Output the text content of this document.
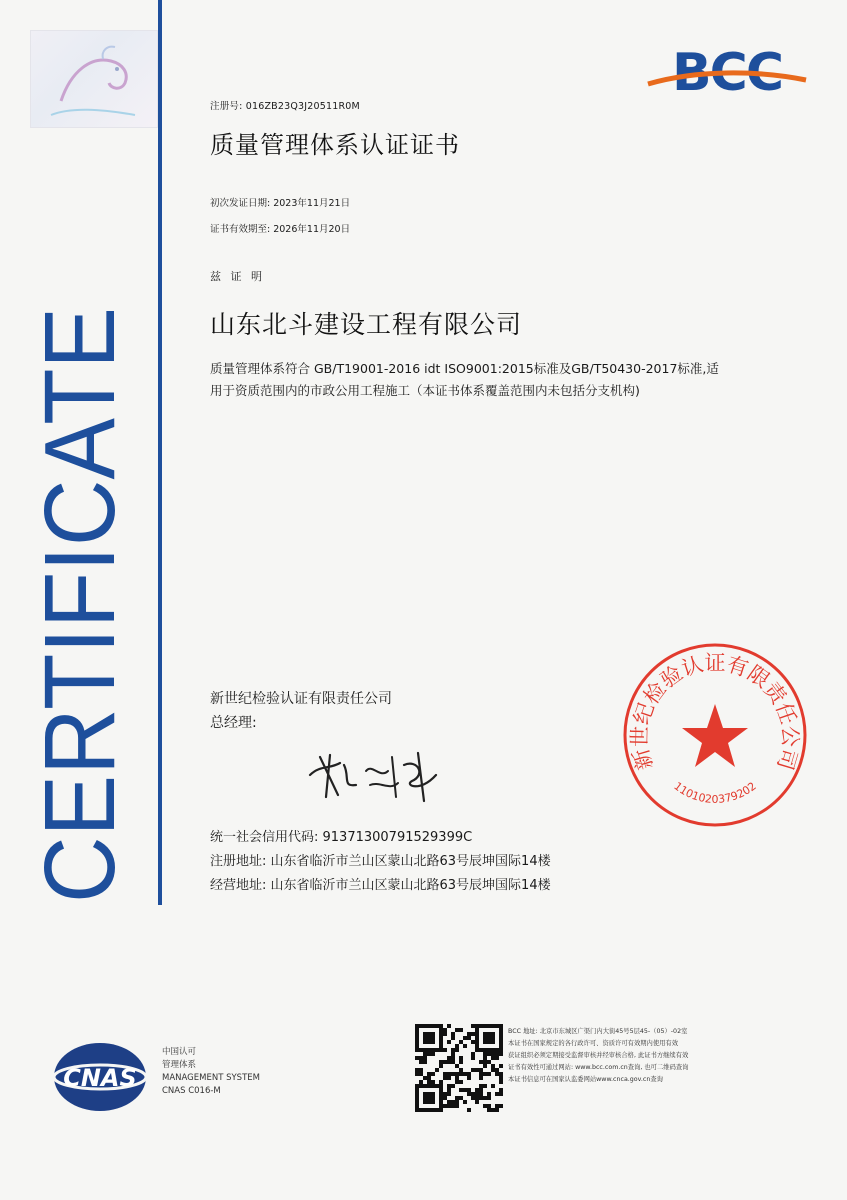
BCC
CERTIFICATE
注册号: 016ZB23Q3J20511R0M
质量管理体系认证证书
初次发证日期: 2023年11月21日
证书有效期至: 2026年11月20日
兹 证 明
山东北斗建设工程有限公司
质量管理体系符合 GB/T19001-2016 idt ISO9001:2015标准及GB/T50430-2017标准,适用于资质范围内的市政公用工程施工（本证书体系覆盖范围内未包括分支机构)
新世纪检验认证有限责任公司
总经理:
新世纪检验认证有限责任公司
1101020379202
统一社会信用代码: 91371300791529399C
注册地址: 山东省临沂市兰山区蒙山北路63号辰坤国际14楼
经营地址: 山东省临沂市兰山区蒙山北路63号辰坤国际14楼
CNAS
中国认可
管理体系
MANAGEMENT SYSTEM
CNAS C016-M
BCC 地址: 北京市东城区广渠门内大街45号5层45-（05）-02室
本证书在国家规定的各行政许可、资质许可有效期内使用有效
获证组织必须定期接受监督审核并经审核合格, 此证书方继续有效
证书有效性可通过网站: www.bcc.com.cn查询, 也可二维码查询
本证书信息可在国家认监委网站www.cnca.gov.cn查询
